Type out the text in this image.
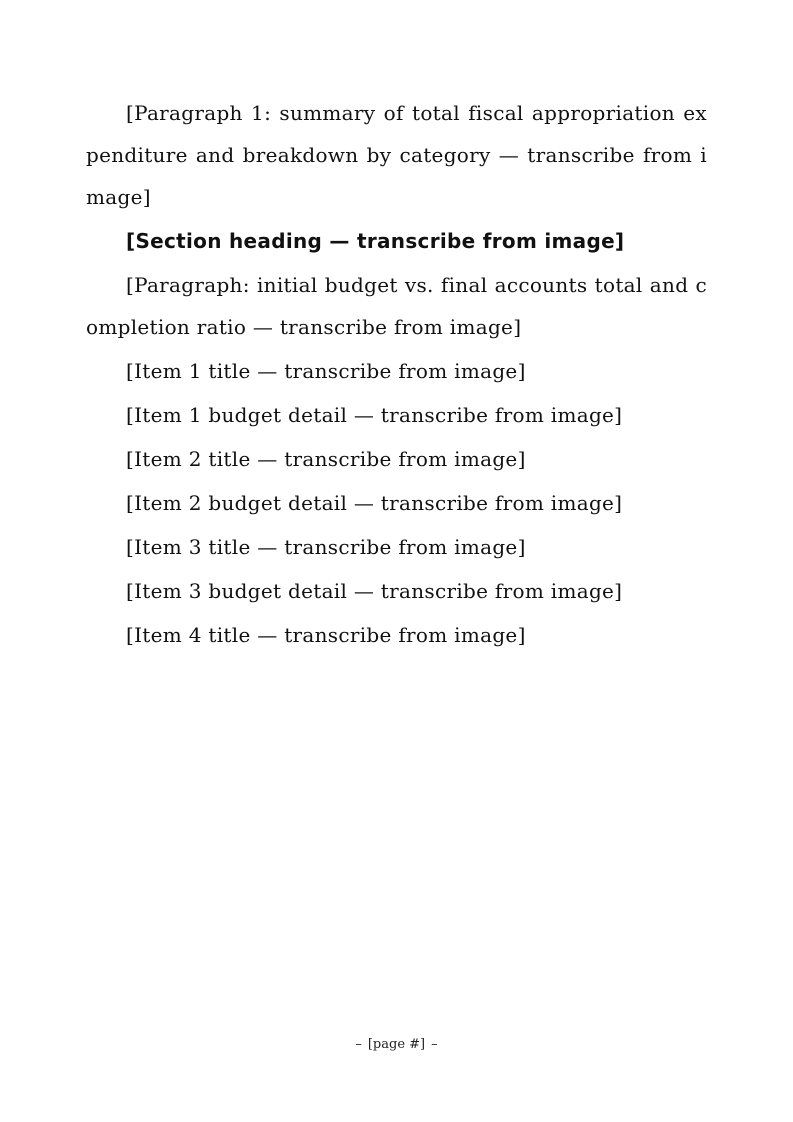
[Paragraph 1: summary of total fiscal appropriation expenditure and breakdown by category — transcribe from image]

[Section heading — transcribe from image]

[Paragraph: initial budget vs. final accounts total and completion ratio — transcribe from image]

[Item 1 title — transcribe from image]

[Item 1 budget detail — transcribe from image]

[Item 2 title — transcribe from image]

[Item 2 budget detail — transcribe from image]

[Item 3 title — transcribe from image]

[Item 3 budget detail — transcribe from image]

[Item 4 title — transcribe from image]

– [page #] –
